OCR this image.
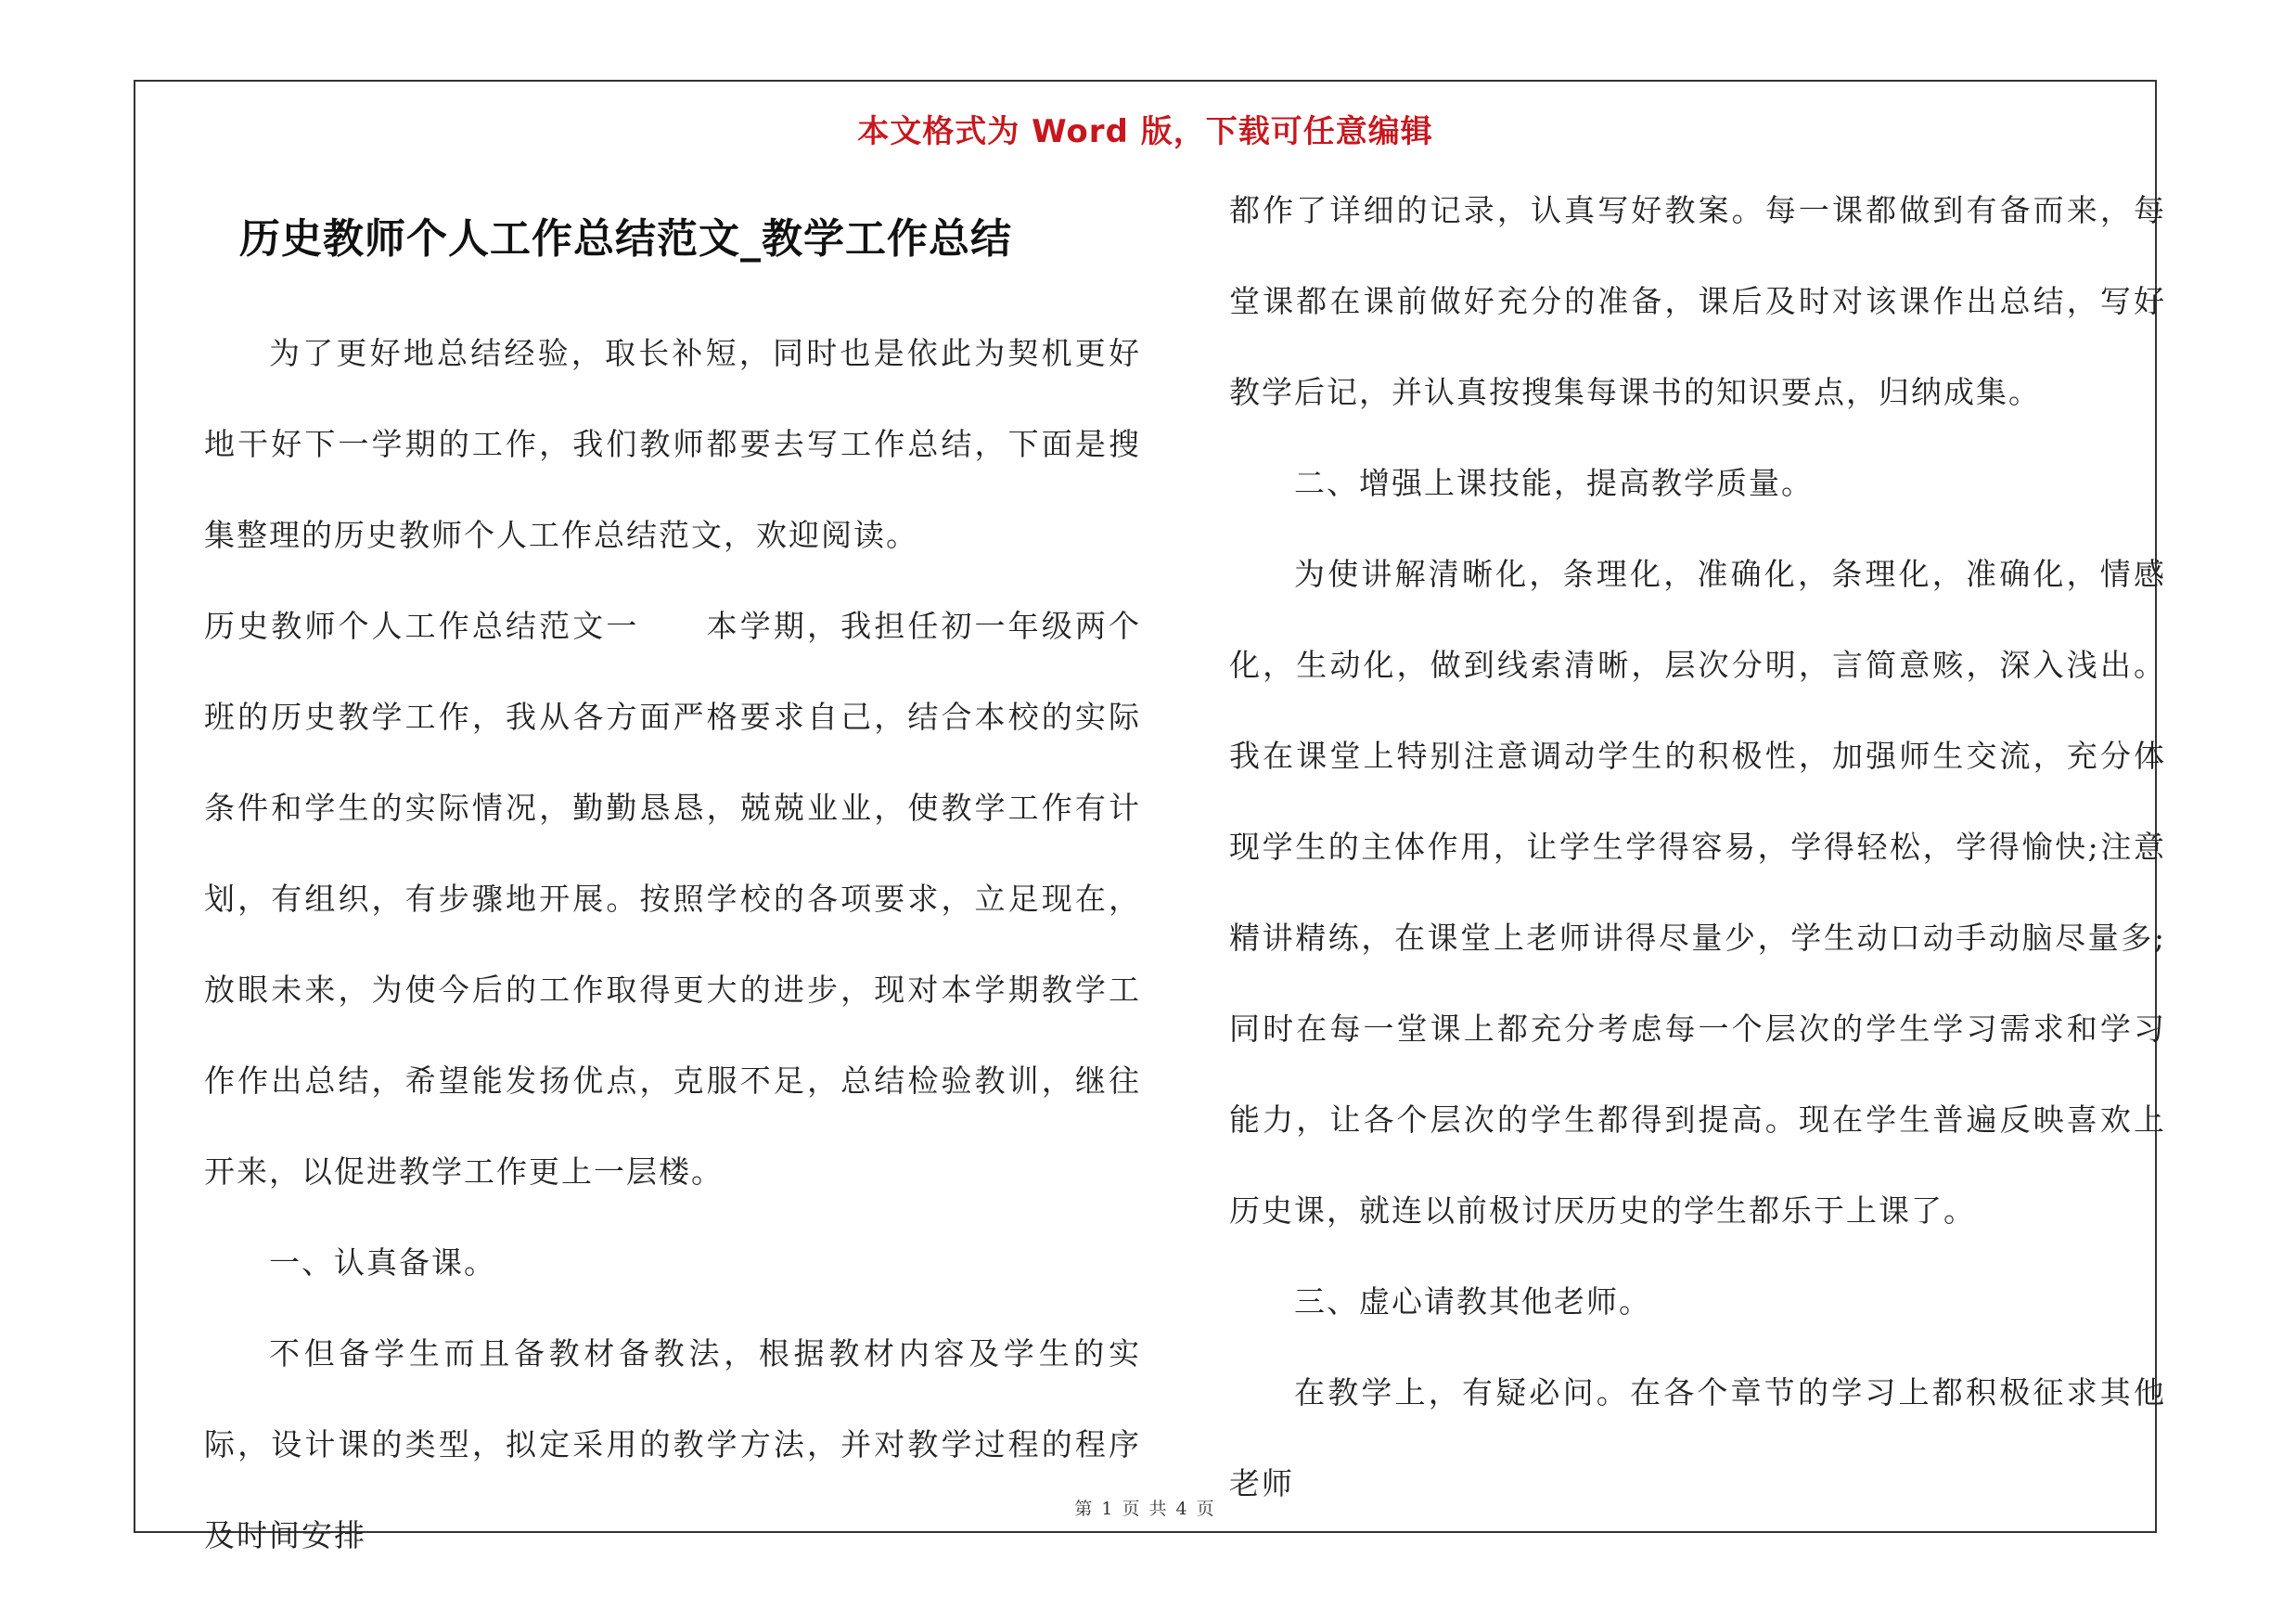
本文格式为 Word 版，下载可任意编辑
第 1 页 共 4 页
历史教师个人工作总结范文_教学工作总结

为了更好地总结经验，取长补短，同时也是依此为契机更好地干好下一学期的工作，我们教师都要去写工作总结，下面是搜集整理的历史教师个人工作总结范文，欢迎阅读。

历史教师个人工作总结范文一　　本学期，我担任初一年级两个班的历史教学工作，我从各方面严格要求自己，结合本校的实际条件和学生的实际情况，勤勤恳恳，兢兢业业，使教学工作有计划，有组织，有步骤地开展。按照学校的各项要求，立足现在，放眼未来，为使今后的工作取得更大的进步，现对本学期教学工作作出总结，希望能发扬优点，克服不足，总结检验教训，继往开来，以促进教学工作更上一层楼。

一、认真备课。

不但备学生而且备教材备教法，根据教材内容及学生的实际，设计课的类型，拟定采用的教学方法，并对教学过程的程序及时间安排

都作了详细的记录，认真写好教案。每一课都做到有备而来，每堂课都在课前做好充分的准备，课后及时对该课作出总结，写好教学后记，并认真按搜集每课书的知识要点，归纳成集。

二、增强上课技能，提高教学质量。

为使讲解清晰化，条理化，准确化，条理化，准确化，情感化，生动化，做到线索清晰，层次分明，言简意赅，深入浅出。我在课堂上特别注意调动学生的积极性，加强师生交流，充分体现学生的主体作用，让学生学得容易，学得轻松，学得愉快;注意精讲精练，在课堂上老师讲得尽量少，学生动口动手动脑尽量多;同时在每一堂课上都充分考虑每一个层次的学生学习需求和学习能力，让各个层次的学生都得到提高。现在学生普遍反映喜欢上历史课，就连以前极讨厌历史的学生都乐于上课了。

三、虚心请教其他老师。

在教学上，有疑必问。在各个章节的学习上都积极征求其他老师
